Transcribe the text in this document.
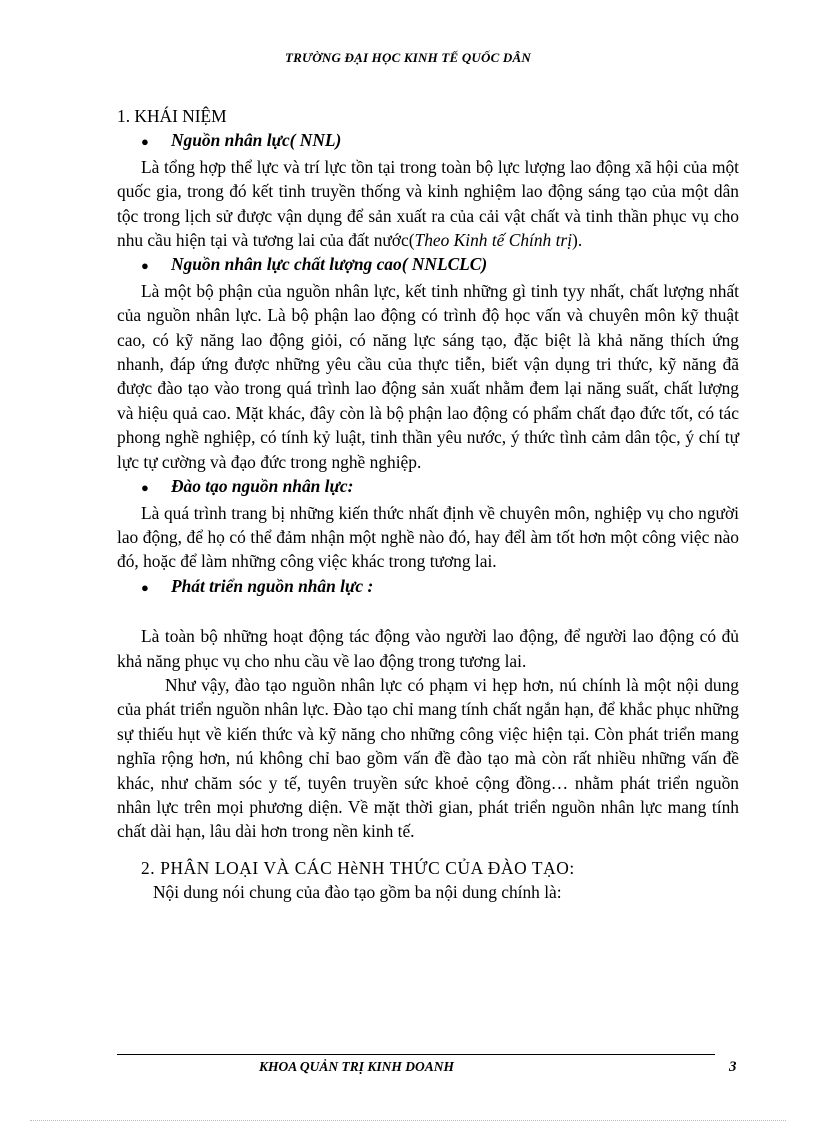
TRƯỜNG ĐẠI HỌC KINH TẾ QUỐC DÂN

1. KHÁI NIỆM

●	Nguồn nhân lực( NNL)

Là tổng hợp thể lực và trí lực tồn tại trong toàn bộ lực lượng lao động xã hội của một quốc gia, trong đó kết tinh truyền thống và kinh nghiệm lao động sáng tạo của một dân tộc trong lịch sử được vận dụng để sản xuất ra của cải vật chất và tinh thần phục vụ cho nhu cầu hiện tại và tương lai của đất nước(Theo Kinh tế Chính trị).

●	Nguồn nhân lực chất lượng cao( NNLCLC)

Là một bộ phận của nguồn nhân lực, kết tinh những gì tinh tyy nhất, chất lượng nhất của nguồn nhân lực. Là bộ phận lao động có trình độ học vấn và chuyên môn kỹ thuật cao, có kỹ năng lao động giỏi, có năng lực sáng tạo, đặc biệt là khả năng thích ứng nhanh, đáp ứng được những yêu cầu của thực tiễn, biết vận dụng tri thức, kỹ năng đã được đào tạo vào trong quá trình lao động sản xuất nhằm đem lại năng suất, chất lượng và hiệu quả cao. Mặt khác, đây còn là bộ phận lao động có phẩm chất đạo đức tốt, có tác phong nghề nghiệp, có tính kỷ luật, tinh thần yêu nước, ý thức tình cảm dân tộc, ý chí tự lực tự cường và đạo đức trong nghề nghiệp.

●	Đào tạo nguồn nhân lực:

Là quá trình trang bị những kiến thức nhất định về chuyên môn, nghiệp vụ cho người lao động, để họ có thể đảm nhận một nghề nào đó, hay đểl àm tốt hơn một công việc nào đó, hoặc để làm những công việc khác trong tương lai.

●	Phát triển nguồn nhân lực :

Là toàn bộ những hoạt động tác động vào người lao động, để người lao động có đủ khả năng phục vụ cho nhu cầu về lao động trong tương lai.

Như vậy, đào tạo nguồn nhân lực có phạm vi hẹp hơn, nú chính là một nội dung của phát triển nguồn nhân lực. Đào tạo chỉ mang tính chất ngắn hạn, để khắc phục những sự thiếu hụt về kiến thức và kỹ năng cho những công việc hiện tại. Còn phát triển mang nghĩa rộng hơn, nú không chỉ bao gồm vấn đề đào tạo mà còn rất nhiều những vấn đề khác, như chăm sóc y tế, tuyên truyền sức khoẻ cộng đồng… nhằm phát triển nguồn nhân lực trên mọi phương diện. Về mặt thời gian, phát triển nguồn nhân lực mang tính chất dài hạn, lâu dài hơn trong nền kinh tế.

2. PHÂN LOẠI VÀ CÁC HèNH THỨC CỦA ĐÀO TẠO:

Nội dung nói chung của đào tạo gồm ba nội dung chính là:

KHOA QUẢN TRỊ KINH DOANH	3
